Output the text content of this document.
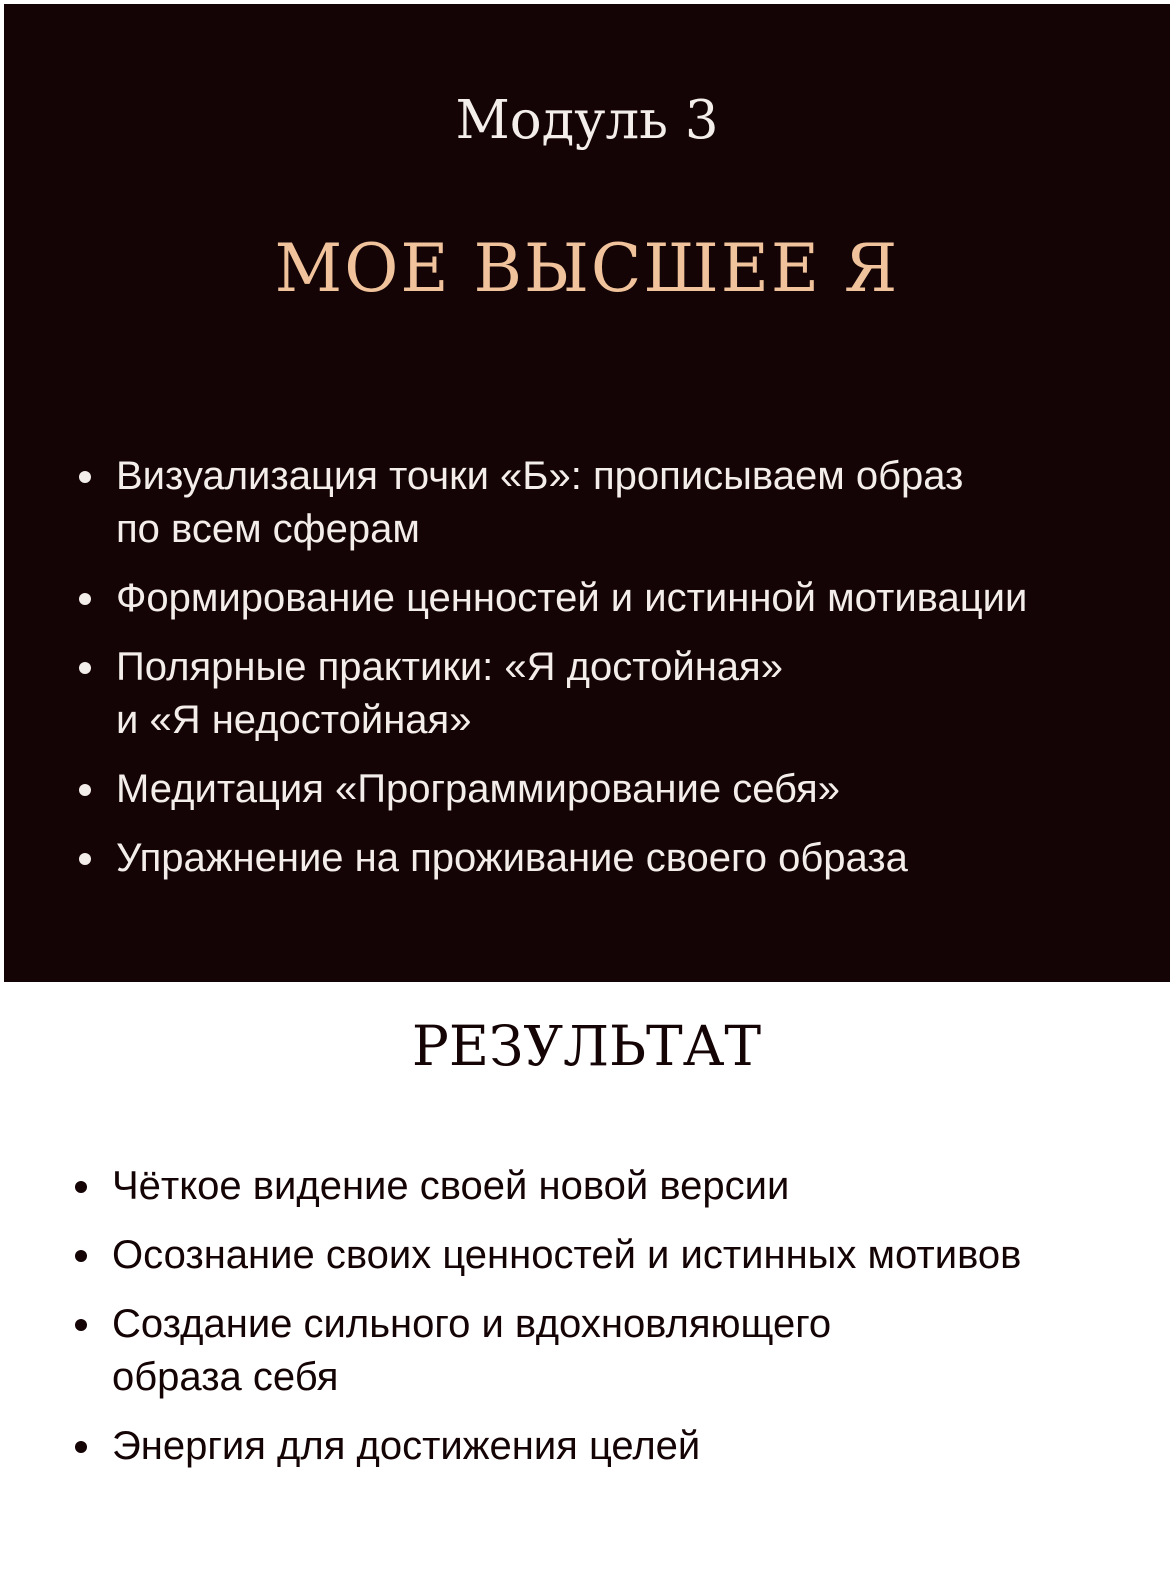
Модуль 3
МОЕ ВЫСШЕЕ Я
Визуализация точки «Б»: прописываем образ
по всем сферам
Формирование ценностей и истинной мотивации
Полярные практики: «Я достойная»
и «Я недостойная»
Медитация «Программирование себя»
Упражнение на проживание своего образа
РЕЗУЛЬТАТ
Чёткое видение своей новой версии
Осознание своих ценностей и истинных мотивов
Создание сильного и вдохновляющего
образа себя
Энергия для достижения целей
